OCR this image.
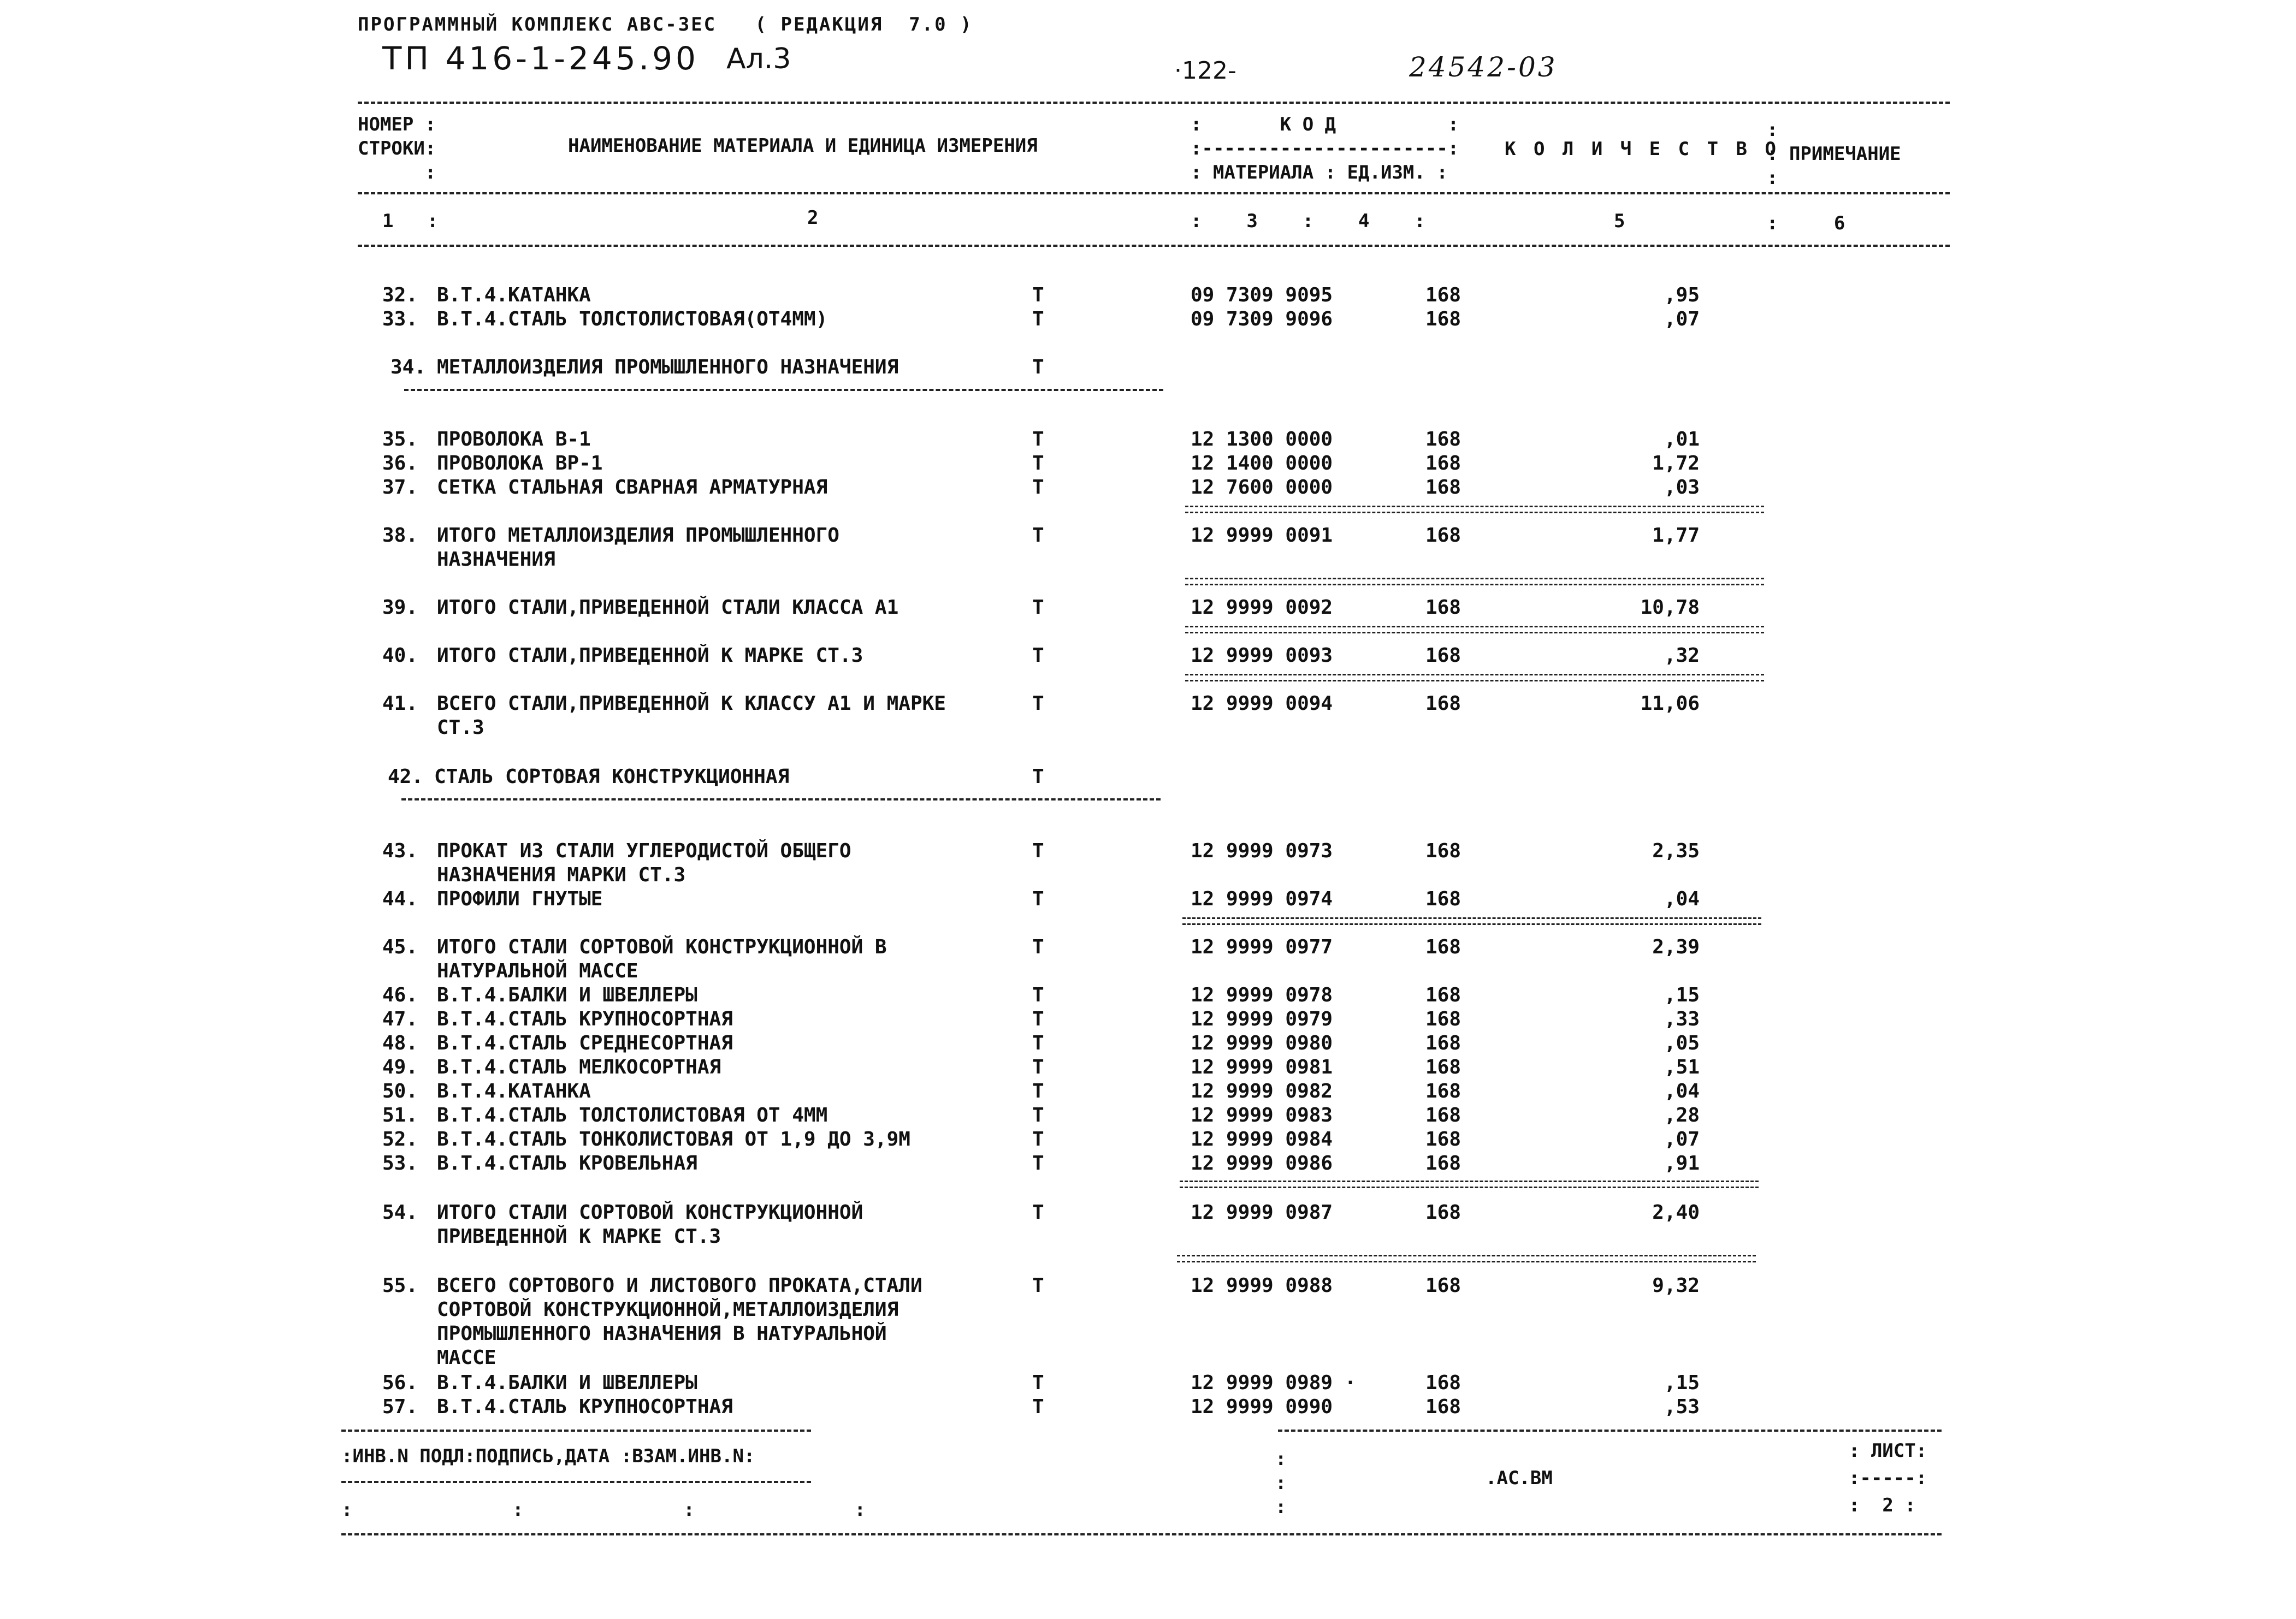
ПРОГРАММНЫЙ КОМПЛЕКС АВС-ЗЕС   ( РЕДАКЦИЯ  7.0 )
ТП 416-1-245.90 Ал.3	·122-	24542-03
НОМЕР :
СТРОКИ:
:
НАИМЕНОВАНИЕ МАТЕРИАЛА И ЕДИНИЦА ИЗМЕРЕНИЯ
:       К О Д          :
:----------------------:
: МАТЕРИАЛА : ЕД.ИЗМ. :
К О Л И Ч Е С Т В О
:
: ПРИМЕЧАНИЕ
:
1   :	2	:    3    :    4    :	5	:     6
32. В.Т.4.КАТАНКА	Т	09 7309 9095	168	,95
33. В.Т.4.СТАЛЬ ТОЛСТОЛИСТОВАЯ(ОТ4ММ)	Т	09 7309 9096	168	,07
34. МЕТАЛЛОИЗДЕЛИЯ ПРОМЫШЛЕННОГО НАЗНАЧЕНИЯ	Т
35. ПРОВОЛОКА В-1	Т	12 1300 0000	168	,01
36. ПРОВОЛОКА ВР-1	Т	12 1400 0000	168	1,72
37. СЕТКА СТАЛЬНАЯ СВАРНАЯ АРМАТУРНАЯ	Т	12 7600 0000	168	,03
38. ИТОГО МЕТАЛЛОИЗДЕЛИЯ ПРОМЫШЛЕННОГО	Т	12 9999 0091	168	1,77
НАЗНАЧЕНИЯ
39. ИТОГО СТАЛИ,ПРИВЕДЕННОЙ СТАЛИ КЛАССА А1	Т	12 9999 0092	168	10,78
40. ИТОГО СТАЛИ,ПРИВЕДЕННОЙ К МАРКЕ СТ.3	Т	12 9999 0093	168	,32
41. ВСЕГО СТАЛИ,ПРИВЕДЕННОЙ К КЛАССУ А1 И МАРКЕ	Т	12 9999 0094	168	11,06
СТ.3
42. СТАЛЬ СОРТОВАЯ КОНСТРУКЦИОННАЯ	Т
43. ПРОКАТ ИЗ СТАЛИ УГЛЕРОДИСТОЙ ОБЩЕГО	Т	12 9999 0973	168	2,35
НАЗНАЧЕНИЯ МАРКИ СТ.3
44. ПРОФИЛИ ГНУТЫЕ	Т	12 9999 0974	168	,04
45. ИТОГО СТАЛИ СОРТОВОЙ КОНСТРУКЦИОННОЙ В	Т	12 9999 0977	168	2,39
НАТУРАЛЬНОЙ МАССЕ
46. В.Т.4.БАЛКИ И ШВЕЛЛЕРЫ	Т	12 9999 0978	168	,15
47. В.Т.4.СТАЛЬ КРУПНОСОРТНАЯ	Т	12 9999 0979	168	,33
48. В.Т.4.СТАЛЬ СРЕДНЕСОРТНАЯ	Т	12 9999 0980	168	,05
49. В.Т.4.СТАЛЬ МЕЛКОСОРТНАЯ	Т	12 9999 0981	168	,51
50. В.Т.4.КАТАНКА	Т	12 9999 0982	168	,04
51. В.Т.4.СТАЛЬ ТОЛСТОЛИСТОВАЯ ОТ 4ММ	Т	12 9999 0983	168	,28
52. В.Т.4.СТАЛЬ ТОНКОЛИСТОВАЯ ОТ 1,9 ДО 3,9М	Т	12 9999 0984	168	,07
53. В.Т.4.СТАЛЬ КРОВЕЛЬНАЯ	Т	12 9999 0986	168	,91
54. ИТОГО СТАЛИ СОРТОВОЙ КОНСТРУКЦИОННОЙ	Т	12 9999 0987	168	2,40
ПРИВЕДЕННОЙ К МАРКЕ СТ.3
55. ВСЕГО СОРТОВОГО И ЛИСТОВОГО ПРОКАТА,СТАЛИ	Т	12 9999 0988	168	9,32
СОРТОВОЙ КОНСТРУКЦИОННОЙ,МЕТАЛЛОИЗДЕЛИЯ
ПРОМЫШЛЕННОГО НАЗНАЧЕНИЯ В НАТУРАЛЬНОЙ
МАССЕ
56. В.Т.4.БАЛКИ И ШВЕЛЛЕРЫ	Т	12 9999 0989 ·	168	,15
57. В.Т.4.СТАЛЬ КРУПНОСОРТНАЯ	Т	12 9999 0990	168	,53
:ИНВ.N ПОДЛ:ПОДПИСЬ,ДАТА :ВЗАМ.ИНВ.N:
:          :          :          :
:
:
:
.АС.ВМ
: ЛИСТ:
:-----:
:  2 :
